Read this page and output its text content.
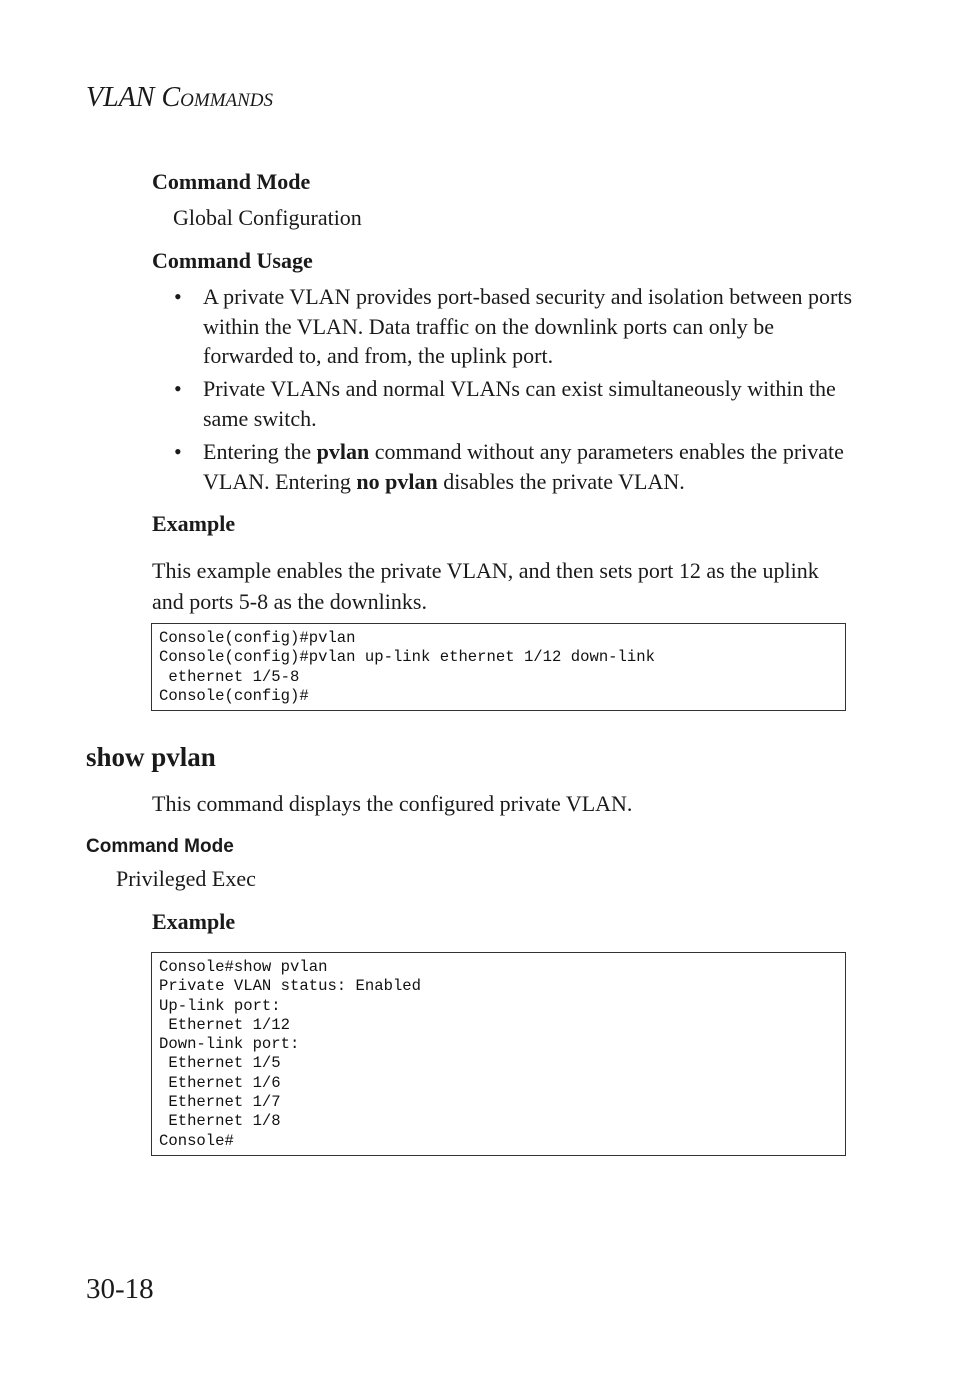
VLAN COMMANDS
Command Mode
Global Configuration
Command Usage
• A private VLAN provides port-based security and isolation between ports within the VLAN. Data traffic on the downlink ports can only be forwarded to, and from, the uplink port.
• Private VLANs and normal VLANs can exist simultaneously within the same switch.
• Entering the pvlan command without any parameters enables the private VLAN. Entering no pvlan disables the private VLAN.
Example
This example enables the private VLAN, and then sets port 12 as the uplink and ports 5-8 as the downlinks.
Console(config)#pvlan
Console(config)#pvlan up-link ethernet 1/12 down-link
ethernet 1/5-8
Console(config)#
show pvlan
This command displays the configured private VLAN.
Command Mode
Privileged Exec
Example
Console#show pvlan
Private VLAN status: Enabled
Up-link port:
Ethernet 1/12
Down-link port:
Ethernet 1/5
Ethernet 1/6
Ethernet 1/7
Ethernet 1/8
Console#
30-18
